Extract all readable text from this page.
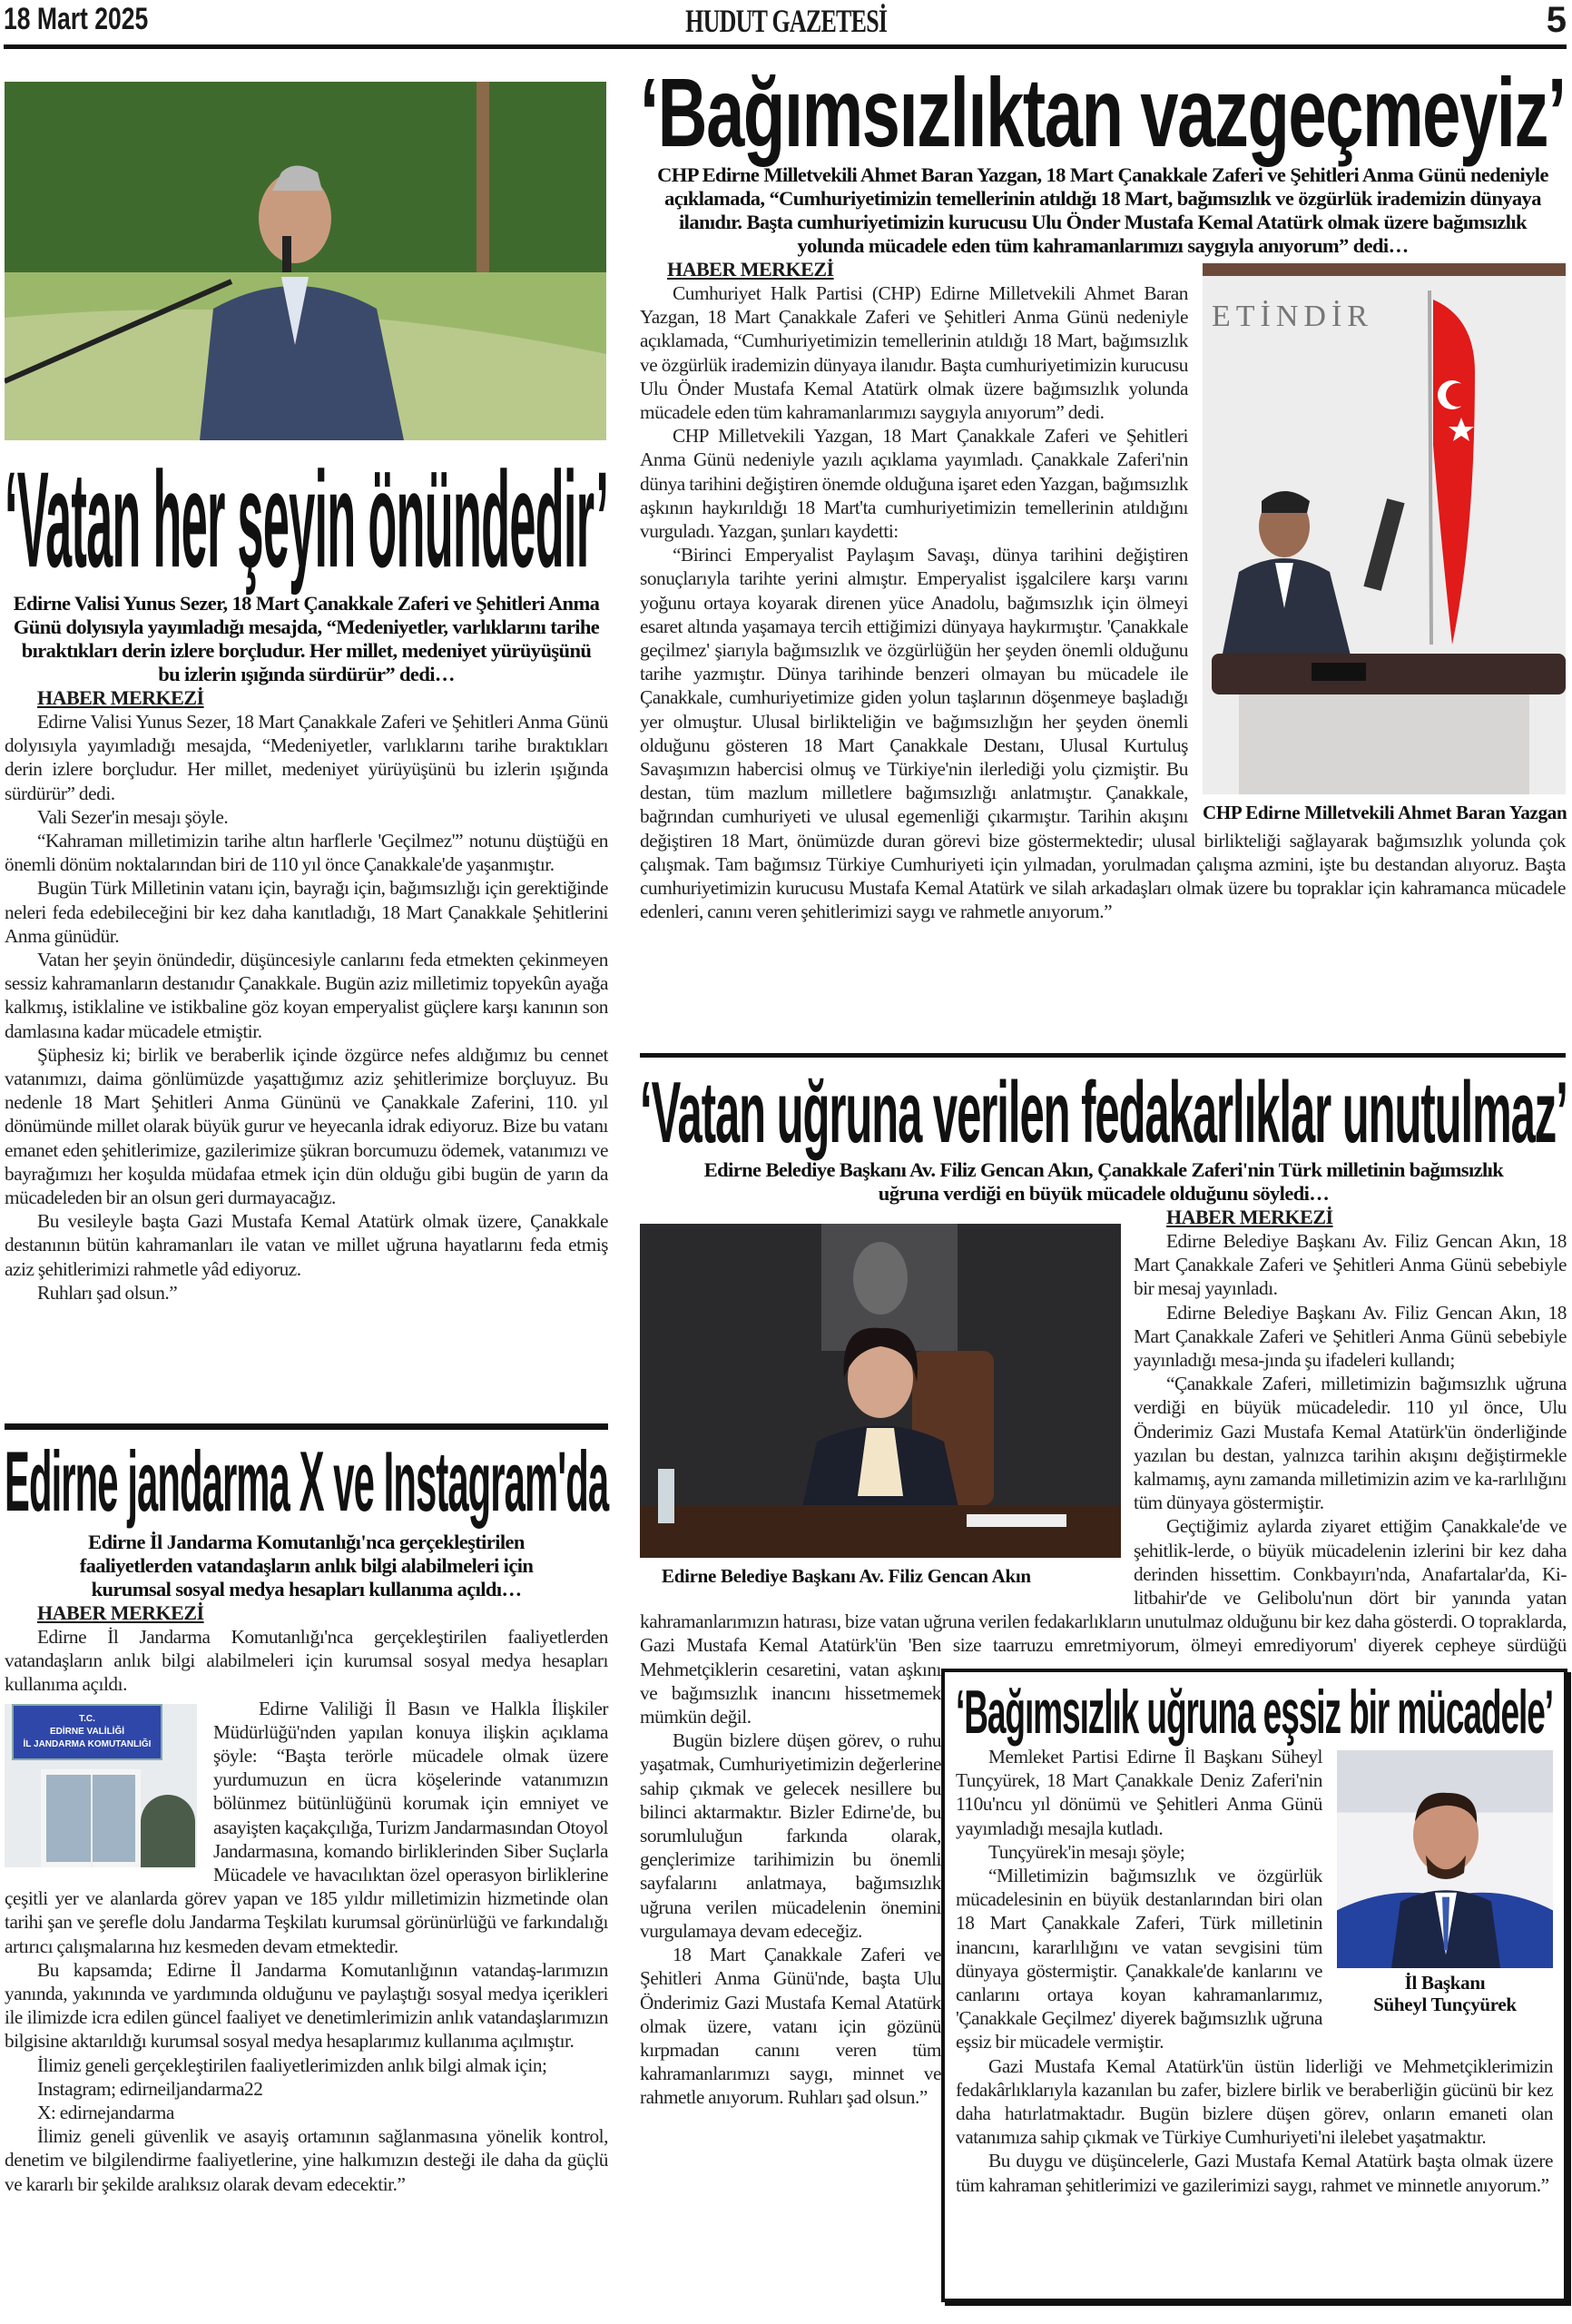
18 Mart 2025	HUDUT GAZETESİ	5
‘Vatan her şeyin önündedir’
Edirne Valisi Yunus Sezer, 18 Mart Çanakkale Zaferi ve Şehitleri Anma Günü dolyısıyla yayımladığı mesajda, “Medeniyetler, varlıklarını tarihe bıraktıkları derin izlere borçludur. Her millet, medeniyet yürüyüşünü bu izlerin ışığında sürdürür” dedi…
HABER MERKEZİ

Edirne Valisi Yunus Sezer, 18 Mart Çanakkale Zaferi ve Şehitleri Anma Günü dolyısıyla yayımladığı mesajda, “Medeniyetler, varlıklarını tarihe bıraktıkları derin izlere borçludur. Her millet, medeniyet yürüyüşünü bu izlerin ışığında sürdürür” dedi.

Vali Sezer'in mesajı şöyle.

“Kahraman milletimizin tarihe altın harflerle 'Geçilmez'” notunu düştüğü en önemli dönüm noktalarından biri de 110 yıl önce Çanakkale'de yaşanmıştır.

Bugün Türk Milletinin vatanı için, bayrağı için, bağımsızlığı için gerektiğinde neleri feda edebileceğini bir kez daha kanıtladığı, 18 Mart Çanakkale Şehitlerini Anma günüdür.

Vatan her şeyin önündedir, düşüncesiyle canlarını feda etmekten çekinmeyen sessiz kahramanların destanıdır Çanakkale. Bugün aziz milletimiz topyekûn ayağa kalkmış, istiklaline ve istikbaline göz koyan emperyalist güçlere karşı kanının son damlasına kadar mücadele etmiştir.

Şüphesiz ki; birlik ve beraberlik içinde özgürce nefes aldığımız bu cennet vatanımızı, daima gönlümüzde yaşattığımız aziz şehitlerimize borçluyuz. Bu nedenle 18 Mart Şehitleri Anma Gününü ve Çanakkale Zaferini, 110. yıl dönümünde millet olarak büyük gurur ve heyecanla idrak ediyoruz. Bize bu vatanı emanet eden şehitlerimize, gazilerimize şükran borcumuzu ödemek, vatanımızı ve bayrağımızı her koşulda müdafaa etmek için dün olduğu gibi bugün de yarın da mücadeleden bir an olsun geri durmayacağız.

Bu vesileyle başta Gazi Mustafa Kemal Atatürk olmak üzere, Çanakkale destanının bütün kahramanları ile vatan ve millet uğruna hayatlarını feda etmiş aziz şehitlerimizi rahmetle yâd ediyoruz.

Ruhları şad olsun.”

Edirne jandarma X ve Instagram'da
Edirne İl Jandarma Komutanlığı'nca gerçekleştirilen faaliyetlerden vatandaşların anlık bilgi alabilmeleri için kurumsal sosyal medya hesapları kullanıma açıldı…
HABER MERKEZİ

Edirne İl Jandarma Komutanlığı'nca gerçekleştirilen faaliyetlerden vatandaşların anlık bilgi alabilmeleri için kurumsal sosyal medya hesapları kullanıma açıldı.

T.C.
EDİRNE VALİLİĞİ
İL JANDARMA KOMUTANLIĞI

Edirne Valiliği İl Basın ve Halkla İlişkiler Müdürlüğü'nden yapılan konuya ilişkin açıklama şöyle: “Başta terörle mücadele olmak üzere yurdumuzun en ücra köşelerinde vatanımızın bölünmez bütünlüğünü korumak için emniyet ve asayişten kaçakçılığa, Turizm Jandarmasından Otoyol Jandarmasına, komando birliklerinden Siber Suçlarla Mücadele ve havacılıktan özel operasyon birliklerine çeşitli yer ve alanlarda görev yapan ve 185 yıldır milletimizin hizmetinde olan tarihi şan ve şerefle dolu Jandarma Teşkilatı kurumsal görünürlüğü ve farkındalığı artırıcı çalışmalarına hız kesmeden devam etmektedir.

Bu kapsamda; Edirne İl Jandarma Komutanlığının vatandaş-larımızın yanında, yakınında ve yardımında olduğunu ve paylaştığı sosyal medya içerikleri ile ilimizde icra edilen güncel faaliyet ve denetimlerimizin anlık vatandaşlarımızın bilgisine aktarıldığı kurumsal sosyal medya hesaplarımız kullanıma açılmıştır.

İlimiz geneli gerçekleştirilen faaliyetlerimizden anlık bilgi almak için;

Instagram; edirneiljandarma22

X: edirnejandarma

İlimiz geneli güvenlik ve asayiş ortamının sağlanmasına yönelik kontrol, denetim ve bilgilendirme faaliyetlerine, yine halkımızın desteği ile daha da güçlü ve kararlı bir şekilde aralıksız olarak devam edecektir.”

‘Bağımsızlıktan vazgeçmeyiz’
CHP Edirne Milletvekili Ahmet Baran Yazgan, 18 Mart Çanakkale Zaferi ve Şehitleri Anma Günü nedeniyle açıklamada, “Cumhuriyetimizin temellerinin atıldığı 18 Mart, bağımsızlık ve özgürlük irademizin dünyaya ilanıdır. Başta cumhuriyetimizin kurucusu Ulu Önder Mustafa Kemal Atatürk olmak üzere bağımsızlık yolunda mücadele eden tüm kahramanlarımızı saygıyla anıyorum” dedi…
HABER MERKEZİ
ETİNDİR
CHP Edirne Milletvekili Ahmet Baran Yazgan

Cumhuriyet Halk Partisi (CHP) Edirne Milletvekili Ahmet Baran Yazgan, 18 Mart Çanakkale Zaferi ve Şehitleri Anma Günü nedeniyle açıklamada, “Cumhuriyetimizin temellerinin atıldığı 18 Mart, bağımsızlık ve özgürlük irademizin dünyaya ilanıdır. Başta cumhuriyetimizin kurucusu Ulu Önder Mustafa Kemal Atatürk olmak üzere bağımsızlık yolunda mücadele eden tüm kahramanlarımızı saygıyla anıyorum” dedi.

CHP Milletvekili Yazgan, 18 Mart Çanakkale Zaferi ve Şehitleri Anma Günü nedeniyle yazılı açıklama yayımladı. Çanakkale Zaferi'nin dünya tarihini değiştiren önemde olduğuna işaret eden Yazgan, bağımsızlık aşkının haykırıldığı 18 Mart'ta cumhuriyetimizin temellerinin atıldığını vurguladı. Yazgan, şunları kaydetti:

“Birinci Emperyalist Paylaşım Savaşı, dünya tarihini değiştiren sonuçlarıyla tarihte yerini almıştır. Emperyalist işgalcilere karşı varını yoğunu ortaya koyarak direnen yüce Anadolu, bağımsızlık için ölmeyi esaret altında yaşamaya tercih ettiğimizi dünyaya haykırmıştır. 'Çanakkale geçilmez' şiarıyla bağımsızlık ve özgürlüğün her şeyden önemli olduğunu tarihe yazmıştır. Dünya tarihinde benzeri olmayan bu mücadele ile Çanakkale, cumhuriyetimize giden yolun taşlarının döşenmeye başladığı yer olmuştur. Ulusal birlikteliğin ve bağımsızlığın her şeyden önemli olduğunu gösteren 18 Mart Çanakkale Destanı, Ulusal Kurtuluş Savaşımızın habercisi olmuş ve Türkiye'nin ilerlediği yolu çizmiştir. Bu destan, tüm mazlum milletlere bağımsızlığı anlatmıştır. Çanakkale, bağrından cumhuriyeti ve ulusal egemenliği çıkarmıştır. Tarihin akışını değiştiren 18 Mart, önümüzde duran görevi bize göstermektedir; ulusal birlikteliği sağlayarak bağımsızlık yolunda çok çalışmak. Tam bağımsız Türkiye Cumhuriyeti için yılmadan, yorulmadan çalışma azmini, işte bu destandan alıyoruz. Başta cumhuriyetimizin kurucusu Mustafa Kemal Atatürk ve silah arkadaşları olmak üzere bu topraklar için kahramanca mücadele edenleri, canını veren şehitlerimizi saygı ve rahmetle anıyorum.”

‘Vatan uğruna verilen fedakarlıklar unutulmaz’
Edirne Belediye Başkanı Av. Filiz Gencan Akın, Çanakkale Zaferi'nin Türk milletinin bağımsızlık uğruna verdiği en büyük mücadele olduğunu söyledi…
Edirne Belediye Başkanı Av. Filiz Gencan Akın
‘Bağımsızlık uğruna eşsiz bir mücadele’
İl Başkanı
Süheyl Tunçyürek

Memleket Partisi Edirne İl Başkanı Süheyl Tunçyürek, 18 Mart Çanakkale Deniz Zaferi'nin 110u'ncu yıl dönümü ve Şehitleri Anma Günü yayımladığı mesajla kutladı.

Tunçyürek'in mesajı şöyle;

“Milletimizin bağımsızlık ve özgürlük mücadelesinin en büyük destanlarından biri olan 18 Mart Çanakkale Zaferi, Türk milletinin inancını, kararlılığını ve vatan sevgisini tüm dünyaya göstermiştir. Çanakkale'de kanlarını ve canlarını ortaya koyan kahramanlarımız, 'Çanakkale Geçilmez' diyerek bağımsızlık uğruna eşsiz bir mücadele vermiştir.

Gazi Mustafa Kemal Atatürk'ün üstün liderliği ve Mehmetçiklerimizin fedakârlıklarıyla kazanılan bu zafer, bizlere birlik ve beraberliğin gücünü bir kez daha hatırlatmaktadır. Bugün bizlere düşen görev, onların emaneti olan vatanımıza sahip çıkmak ve Türkiye Cumhuriyeti'ni ilelebet yaşatmaktır.

Bu duygu ve düşüncelerle, Gazi Mustafa Kemal Atatürk başta olmak üzere tüm kahraman şehitlerimizi ve gazilerimizi saygı, rahmet ve minnetle anıyorum.”

HABER MERKEZİ

Edirne Belediye Başkanı Av. Filiz Gencan Akın, 18 Mart Çanakkale Zaferi ve Şehitleri Anma Günü sebebiyle bir mesaj yayınladı.

Edirne Belediye Başkanı Av. Filiz Gencan Akın, 18 Mart Çanakkale Zaferi ve Şehitleri Anma Günü sebebiyle yayınladığı mesa-jında şu ifadeleri kullandı;

“Çanakkale Zaferi, milletimizin bağımsızlık uğruna verdiği en büyük mücadeledir. 110 yıl önce, Ulu Önderimiz Gazi Mustafa Kemal Atatürk'ün önderliğinde yazılan bu destan, yalnızca tarihin akışını değiştirmekle kalmamış, aynı zamanda milletimizin azim ve ka-rarlılığını tüm dünyaya göstermiştir.

Geçtiğimiz aylarda ziyaret ettiğim Çanakkale'de ve şehitlik-lerde, o büyük mücadelenin izlerini bir kez daha derinden hissettim. Conkbayırı'nda, Anafartalar'da, Ki-litbahir'de ve Gelibolu'nun dört bir yanında yatan kahramanlarımızın hatırası, bize vatan uğruna verilen fedakarlıkların unutulmaz olduğunu bir kez daha gösterdi. O topraklarda, Gazi Mustafa Kemal Atatürk'ün 'Ben size taarruzu emretmiyorum, ölmeyi emrediyorum' diyerek cepheye sürdüğü Mehmetçiklerin cesaretini, vatan aşkını ve bağımsızlık inancını hissetmemek mümkün değil.

Bugün bizlere düşen görev, o ruhu yaşatmak, Cumhuriyetimizin değerlerine sahip çıkmak ve gelecek nesillere bu bilinci aktarmaktır. Bizler Edirne'de, bu sorumluluğun farkında olarak, gençlerimize tarihimizin bu önemli sayfalarını anlatmaya, bağımsızlık uğruna verilen mücadelenin önemini vurgulamaya devam edeceğiz.

18 Mart Çanakkale Zaferi ve Şehitleri Anma Günü'nde, başta Ulu Önderimiz Gazi Mustafa Kemal Atatürk olmak üzere, vatanı için gözünü kırpmadan canını veren tüm kahramanlarımızı saygı, minnet ve rahmetle anıyorum. Ruhları şad olsun.”
